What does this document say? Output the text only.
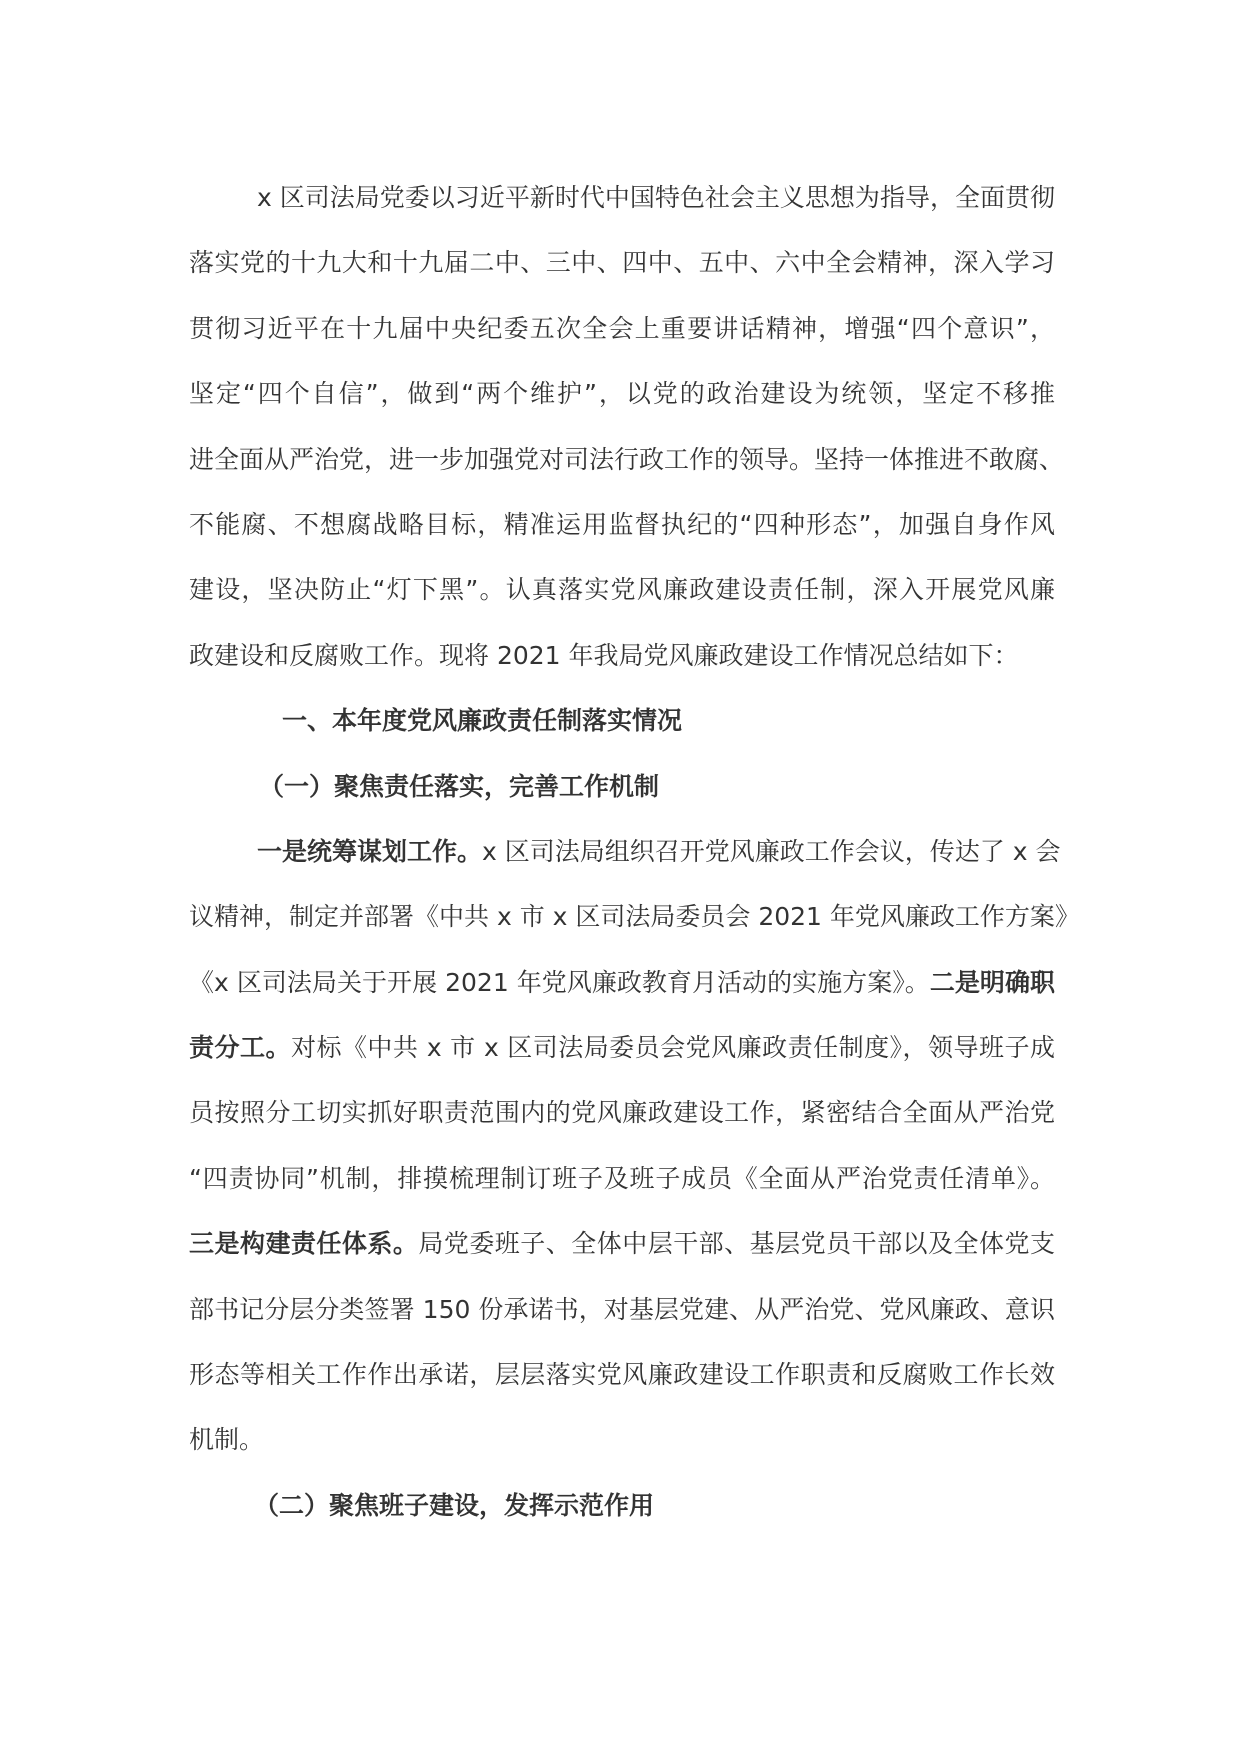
x 区司法局党委以习近平新时代中国特色社会主义思想为指导，全面贯彻
落实党的十九大和十九届二中、三中、四中、五中、六中全会精神，深入学习
贯彻习近平在十九届中央纪委五次全会上重要讲话精神，增强“四个意识”，
坚定“四个自信”，做到“两个维护”，以党的政治建设为统领，坚定不移推
进全面从严治党，进一步加强党对司法行政工作的领导。坚持一体推进不敢腐、
不能腐、不想腐战略目标，精准运用监督执纪的“四种形态”，加强自身作风
建设，坚决防止“灯下黑”。认真落实党风廉政建设责任制，深入开展党风廉
政建设和反腐败工作。现将 2021 年我局党风廉政建设工作情况总结如下：
一、本年度党风廉政责任制落实情况
（一）聚焦责任落实，完善工作机制
一是统筹谋划工作。x 区司法局组织召开党风廉政工作会议，传达了 x 会
议精神，制定并部署《中共 x 市 x 区司法局委员会 2021 年党风廉政工作方案》
《x 区司法局关于开展 2021 年党风廉政教育月活动的实施方案》。二是明确职
责分工。对标《中共 x 市 x 区司法局委员会党风廉政责任制度》，领导班子成
员按照分工切实抓好职责范围内的党风廉政建设工作，紧密结合全面从严治党
“四责协同”机制，排摸梳理制订班子及班子成员《全面从严治党责任清单》。
三是构建责任体系。局党委班子、全体中层干部、基层党员干部以及全体党支
部书记分层分类签署 150 份承诺书，对基层党建、从严治党、党风廉政、意识
形态等相关工作作出承诺，层层落实党风廉政建设工作职责和反腐败工作长效
机制。
（二）聚焦班子建设，发挥示范作用
